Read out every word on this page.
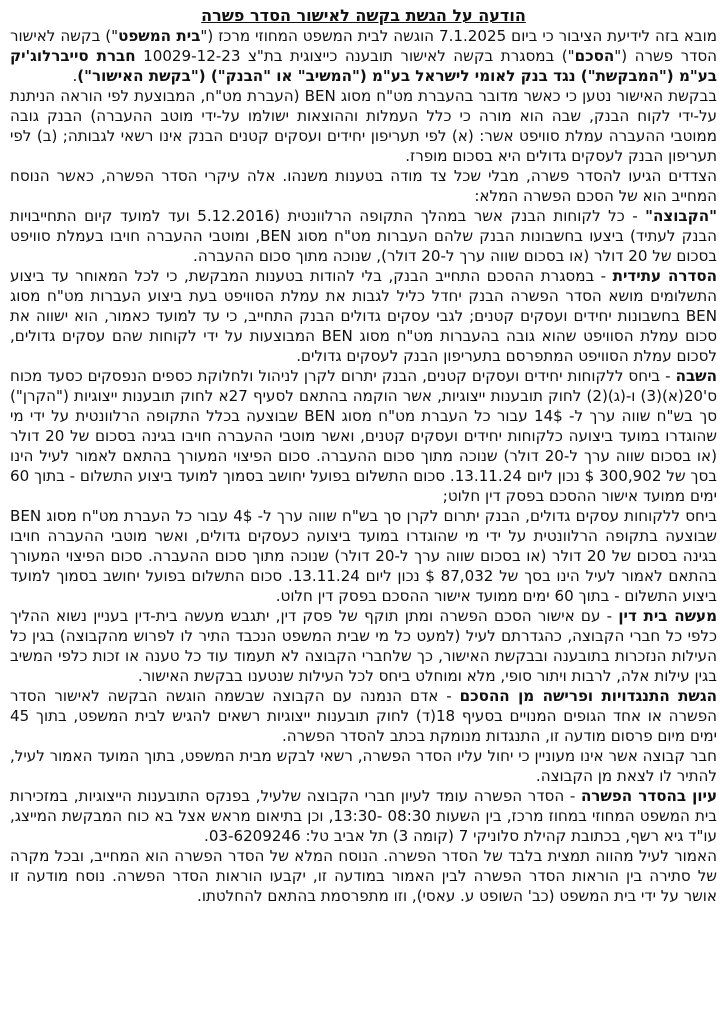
הודעה על הגשת בקשה לאישור הסדר פשרה

מובא בזה לידיעת הציבור כי ביום 7.1.2025 הוגשה לבית המשפט המחוזי מרכז ("בית המשפט") בקשה לאישור הסדר פשרה ("הסכם") במסגרת בקשה לאישור תובענה כייצוגית בת"צ 10029-12-23 חברת סייברלוג'יק בע"מ ("המבקשת") נגד בנק לאומי לישראל בע"מ ("המשיב" או "הבנק") ("בקשת האישור").

בבקשת האישור נטען כי כאשר מדובר בהעברת מט"ח מסוג BEN (העברת מט"ח, המבוצעת לפי הוראה הניתנת על-ידי לקוח הבנק, שבה הוא מורה כי כלל העמלות וההוצאות ישולמו על-ידי מוטב ההעברה) הבנק גובה ממוטבי ההעברה עמלת סוויפט אשר: (א) לפי תעריפון יחידים ועסקים קטנים הבנק אינו רשאי לגבותה; (ב) לפי תעריפון הבנק לעסקים גדולים היא בסכום מופרז.

הצדדים הגיעו להסדר פשרה, מבלי שכל צד מודה בטענות משנהו. אלה עיקרי הסדר הפשרה, כאשר הנוסח המחייב הוא של הסכם הפשרה המלא:

"הקבוצה" - כל לקוחות הבנק אשר במהלך התקופה הרלוונטית (5.12.2016 ועד למועד קיום התחייבויות הבנק לעתיד) ביצעו בחשבונות הבנק שלהם העברות מט"ח מסוג BEN, ומוטבי ההעברה חויבו בעמלת סוויפט בסכום של 20 דולר (או בסכום שווה ערך ל-20 דולר), שנוכה מתוך סכום ההעברה.

הסדרה עתידית - במסגרת ההסכם התחייב הבנק, בלי להודות בטענות המבקשת, כי לכל המאוחר עד ביצוע התשלומים מושא הסדר הפשרה הבנק יחדל כליל לגבות את עמלת הסוויפט בעת ביצוע העברות מט"ח מסוג BEN בחשבונות יחידים ועסקים קטנים; לגבי עסקים גדולים הבנק התחייב, כי עד למועד כאמור, הוא ישווה את סכום עמלת הסוויפט שהוא גובה בהעברות מט"ח מסוג BEN המבוצעות על ידי לקוחות שהם עסקים גדולים, לסכום עמלת הסוויפט המתפרסם בתעריפון הבנק לעסקים גדולים.

השבה - ביחס ללקוחות יחידים ועסקים קטנים, הבנק יתרום לקרן לניהול ולחלוקת כספים הנפסקים כסעד מכוח ס'20(א)(3) ו-(ג)(2) לחוק תובענות ייצוגיות, אשר הוקמה בהתאם לסעיף 27א לחוק תובענות ייצוגיות ("הקרן") סך בש"ח שווה ערך ל- 14$ עבור כל העברת מט"ח מסוג BEN שבוצעה בכלל התקופה הרלוונטית על ידי מי שהוגדרו במועד ביצועה כלקוחות יחידים ועסקים קטנים, ואשר מוטבי ההעברה חויבו בגינה בסכום של 20 דולר (או בסכום שווה ערך ל-20 דולר) שנוכה מתוך סכום ההעברה. סכום הפיצוי המעורך בהתאם לאמור לעיל הינו בסך של 300,902 $ נכון ליום 13.11.24. סכום התשלום בפועל יחושב בסמוך למועד ביצוע התשלום - בתוך 60 ימים ממועד אישור ההסכם בפסק דין חלוט;

ביחס ללקוחות עסקים גדולים, הבנק יתרום לקרן סך בש"ח שווה ערך ל- 4$ עבור כל העברת מט"ח מסוג BEN שבוצעה בתקופה הרלוונטית על ידי מי שהוגדרו במועד ביצועה כעסקים גדולים, ואשר מוטבי ההעברה חויבו בגינה בסכום של 20 דולר (או בסכום שווה ערך ל-20 דולר) שנוכה מתוך סכום ההעברה. סכום הפיצוי המעורך בהתאם לאמור לעיל הינו בסך של 87,032 $ נכון ליום 13.11.24. סכום התשלום בפועל יחושב בסמוך למועד ביצוע התשלום - בתוך 60 ימים ממועד אישור ההסכם בפסק דין חלוט.

מעשה בית דין - עם אישור הסכם הפשרה ומתן תוקף של פסק דין, יתגבש מעשה בית-דין בעניין נשוא ההליך כלפי כל חברי הקבוצה, כהגדרתם לעיל (למעט כל מי שבית המשפט הנכבד התיר לו לפרוש מהקבוצה) בגין כל העילות הנזכרות בתובענה ובבקשת האישור, כך שלחברי הקבוצה לא תעמוד עוד כל טענה או זכות כלפי המשיב בגין עילות אלה, לרבות ויתור סופי, מלא ומוחלט ביחס לכל העילות שנטענו בבקשת האישור.

הגשת התנגדויות ופרישה מן ההסכם - אדם הנמנה עם הקבוצה שבשמה הוגשה הבקשה לאישור הסדר הפשרה או אחד הגופים המנויים בסעיף 18(ד) לחוק תובענות ייצוגיות רשאים להגיש לבית המשפט, בתוך 45 ימים מיום פרסום מודעה זו, התנגדות מנומקת בכתב להסדר הפשרה.

חבר קבוצה אשר אינו מעוניין כי יחול עליו הסדר הפשרה, רשאי לבקש מבית המשפט, בתוך המועד האמור לעיל, להתיר לו לצאת מן הקבוצה.

עיון בהסדר הפשרה - הסדר הפשרה עומד לעיון חברי הקבוצה שלעיל, בפנקס התובענות הייצוגיות, במזכירות בית המשפט המחוזי במחוז מרכז, בין השעות 08:30 -13:30, וכן בתיאום מראש אצל בא כוח המבקשת המייצג, עו"ד גיא רשף, בכתובת קהילת סלוניקי 7 (קומה 3) תל אביב טל: 03-6209246.

האמור לעיל מהווה תמצית בלבד של הסדר הפשרה. הנוסח המלא של הסדר הפשרה הוא המחייב, ובכל מקרה של סתירה בין הוראות הסדר הפשרה לבין האמור במודעה זו, יקבעו הוראות הסדר הפשרה. נוסח מודעה זו אושר על ידי בית המשפט (כב' השופט ע. עאסי), וזו מתפרסמת בהתאם להחלטתו.
